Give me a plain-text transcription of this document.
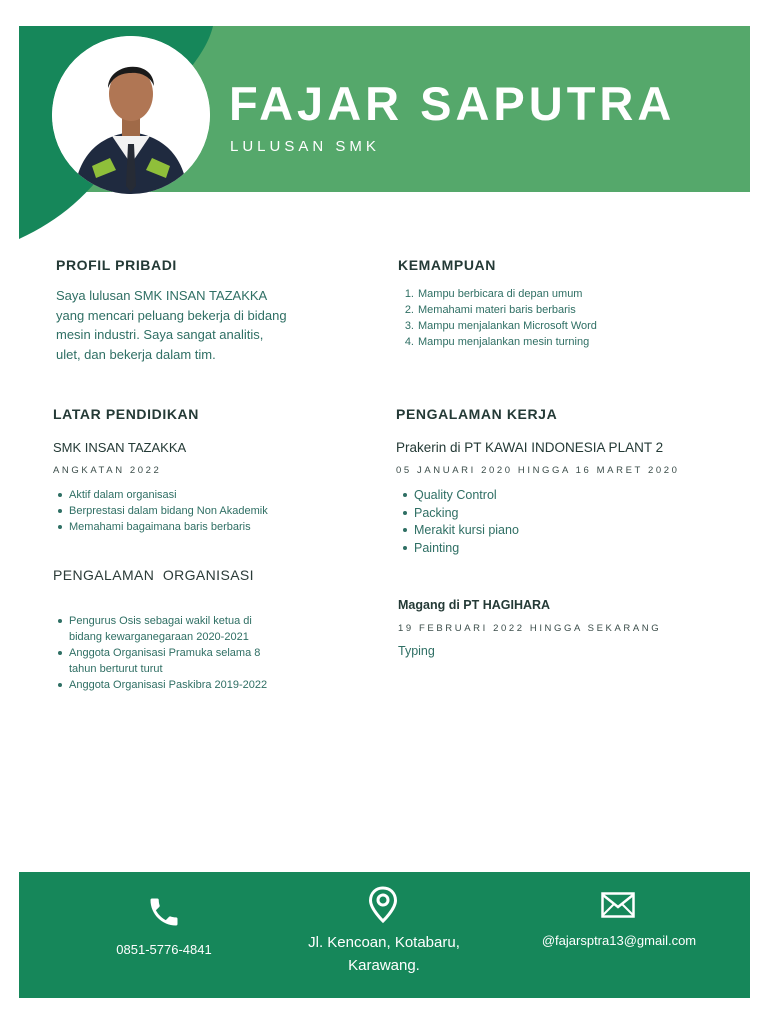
FAJAR SAPUTRA
LULUSAN SMK
PROFIL PRIBADI
Saya lulusan SMK INSAN TAZAKKA
yang mencari peluang bekerja di bidang
mesin industri. Saya sangat analitis,
ulet, dan bekerja dalam tim.
KEMAMPUAN
1. Mampu berbicara di depan umum
2. Memahami materi baris berbaris
3. Mampu menjalankan Microsoft Word
4. Mampu menjalankan mesin turning
LATAR PENDIDIKAN
SMK INSAN TAZAKKA
ANGKATAN 2022
Aktif dalam organisasi
Berprestasi dalam bidang Non Akademik
Memahami bagaimana baris berbaris
PENGALAMAN  ORGANISASI
Pengurus Osis sebagai wakil ketua di
bidang kewarganegaraan 2020-2021
Anggota Organisasi Pramuka selama 8
tahun berturut turut
Anggota Organisasi Paskibra 2019-2022
PENGALAMAN KERJA
Prakerin di PT KAWAI INDONESIA PLANT 2
05 JANUARI 2020 HINGGA 16 MARET 2020
Quality Control
Packing
Merakit kursi piano
Painting
Magang di PT HAGIHARA
19 FEBRUARI 2022 HINGGA SEKARANG
Typing
0851-5776-4841	Jl. Kencoan, Kotabaru,
Karawang.
@fajarsptra13@gmail.com
